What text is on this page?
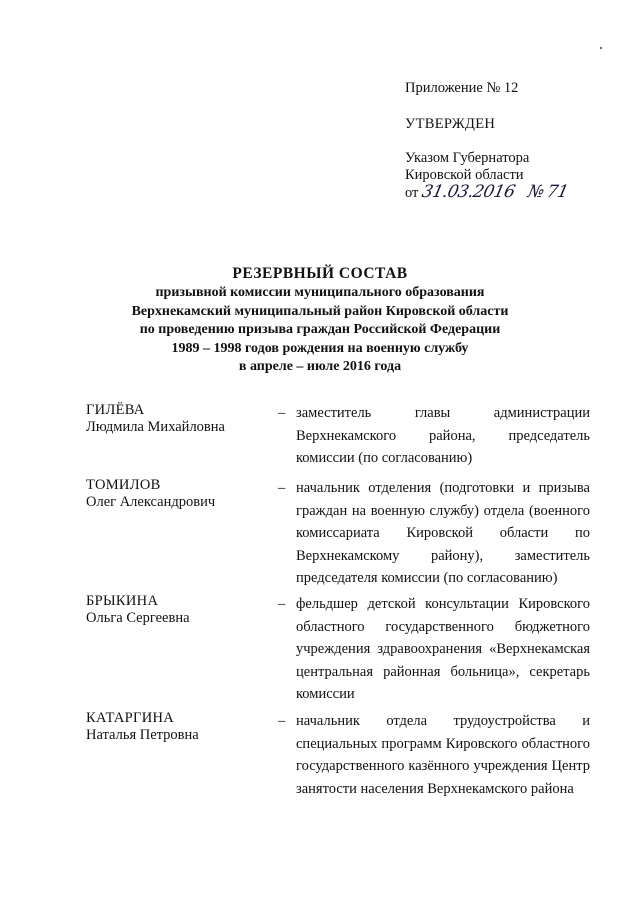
Приложение № 12
УТВЕРЖДЕН
Указом Губернатора
Кировской области
от 31.03.2016 № 71
РЕЗЕРВНЫЙ СОСТАВ
призывной комиссии муниципального образования
Верхнекамский муниципальный район Кировской области
по проведению призыва граждан Российской Федерации
1989 – 1998 годов рождения на военную службу
в апреле – июле 2016 года
ГИЛЁВА
Людмила Михайловна
– заместитель главы администрации Верхнекамского района, председатель комиссии (по согласованию)
ТОМИЛОВ
Олег Александрович
– начальник отделения (подготовки и призыва граждан на военную службу) отдела (военного комиссариата Кировской области по Верхнекамскому району), заместитель председателя комиссии (по согласованию)
БРЫКИНА
Ольга Сергеевна
– фельдшер детской консультации Кировского областного государственного бюджетного учреждения здравоохранения «Верхнекамская центральная районная больница», секретарь комиссии
КАТАРГИНА
Наталья Петровна
– начальник отдела трудоустройства и специальных программ Кировского областного государственного казённого учреждения Центр занятости населения Верхнекамского района
